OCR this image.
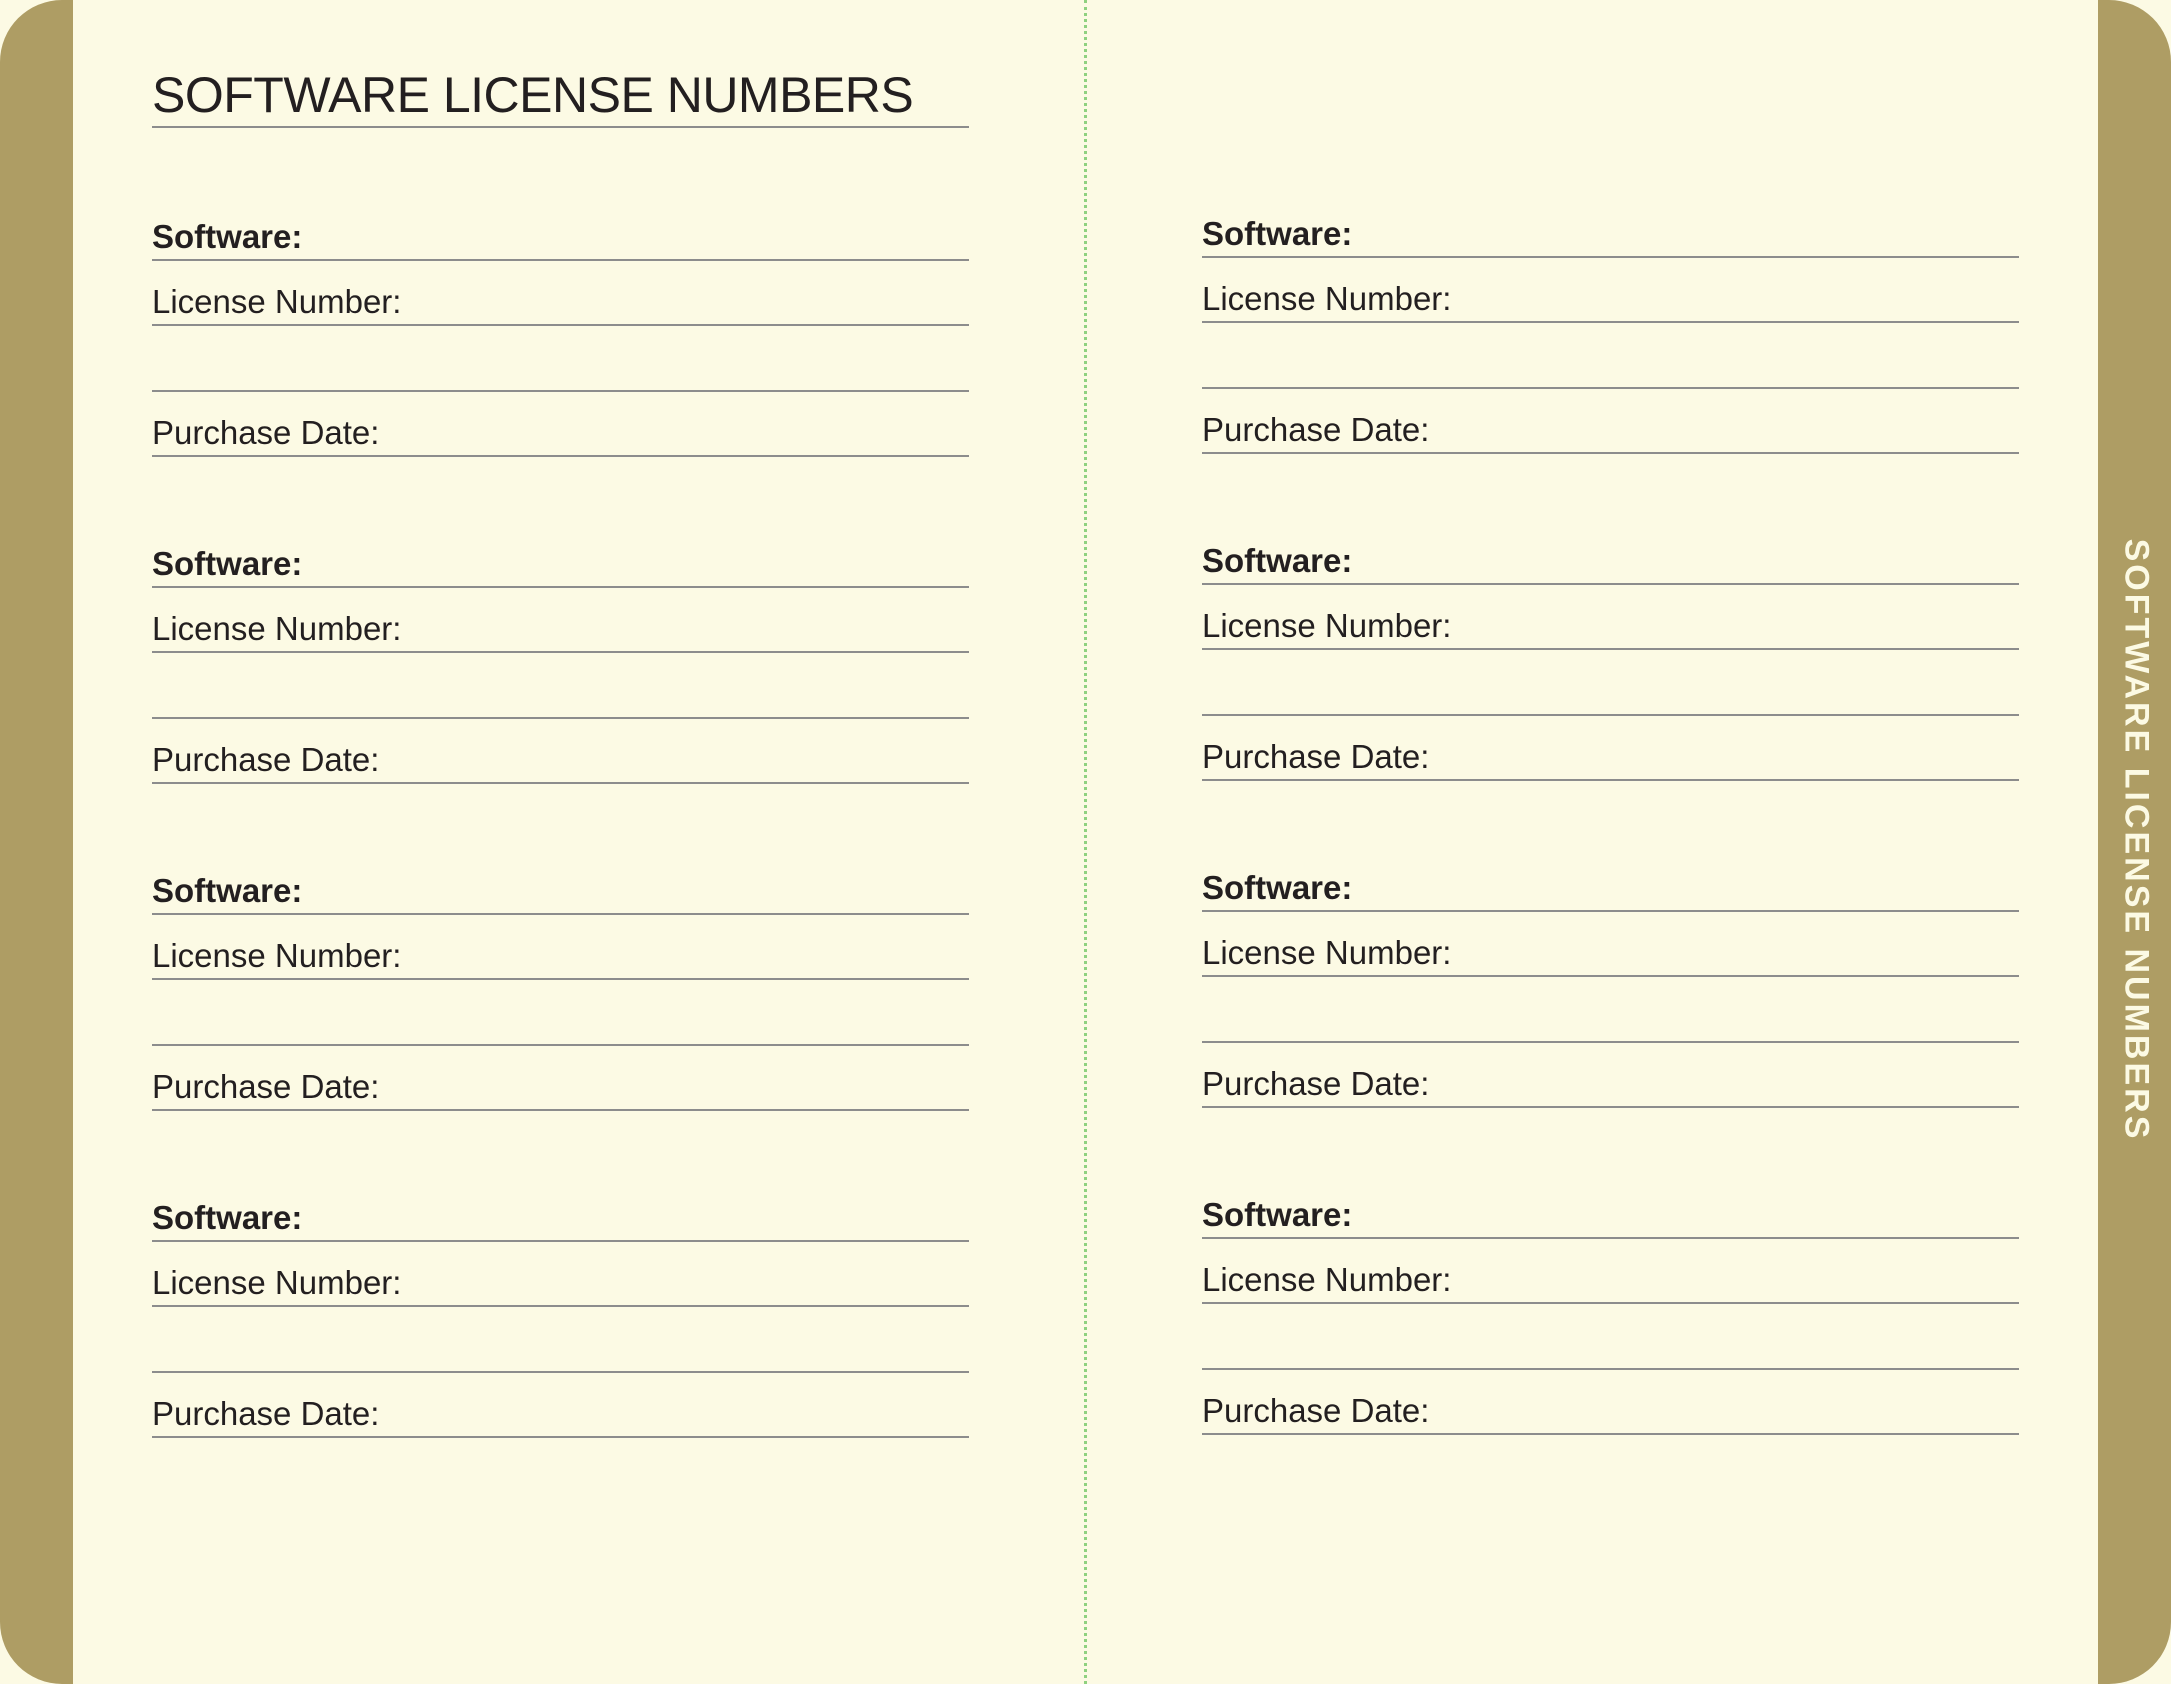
SOFTWARE LICENSE NUMBERS
SOFTWARE LICENSE NUMBERS
Software:
License Number:
Purchase Date:
Software:
License Number:
Purchase Date:
Software:
License Number:
Purchase Date:
Software:
License Number:
Purchase Date:
Software:
License Number:
Purchase Date:
Software:
License Number:
Purchase Date:
Software:
License Number:
Purchase Date:
Software:
License Number:
Purchase Date:
